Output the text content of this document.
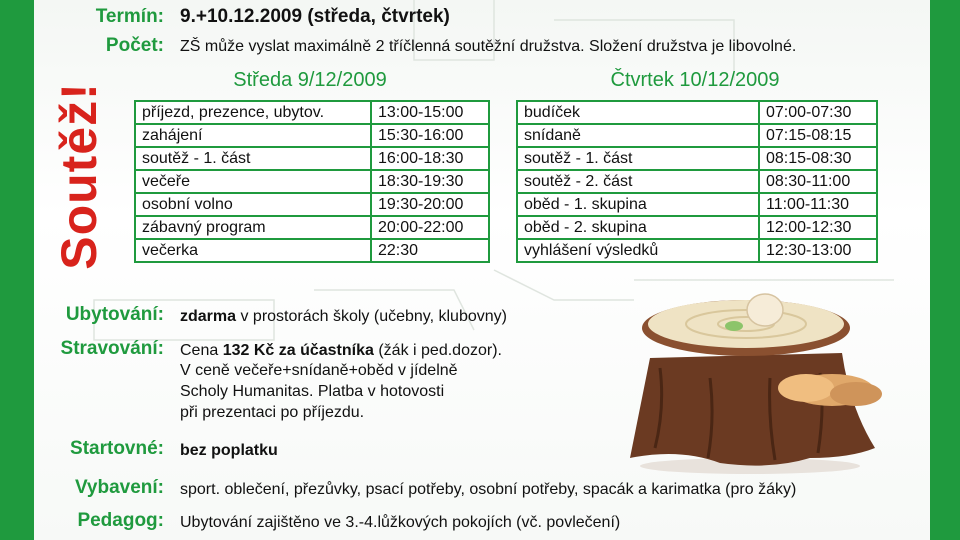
Termín: 9.+10.12.2009 (středa, čtvrtek)
Počet: ZŠ může vyslat maximálně 2 tříčlenná soutěžní družstva. Složení družstva je libovolné.
Soutěž!
Středa 9/12/2009
příjezd, prezence, ubytov.	13:00-15:00
zahájení	15:30-16:00
soutěž - 1. část	16:00-18:30
večeře	18:30-19:30
osobní volno	19:30-20:00
zábavný program	20:00-22:00
večerka	22:30
Čtvrtek 10/12/2009
budíček	07:00-07:30
snídaně	07:15-08:15
soutěž - 1. část	08:15-08:30
soutěž - 2. část	08:30-11:00
oběd - 1. skupina	11:00-11:30
oběd - 2. skupina	12:00-12:30
vyhlášení výsledků	12:30-13:00
Ubytování: zdarma v prostorách školy (učebny, klubovny)
Stravování: Cena 132 Kč za účastníka (žák i ped.dozor).
V ceně večeře+snídaně+oběd v jídelně
Scholy Humanitas. Platba v hotovosti
při prezentaci po příjezdu.
Startovné: bez poplatku
Vybavení: sport. oblečení, přezůvky, psací potřeby, osobní potřeby, spacák a karimatka (pro žáky)
Pedagog: Ubytování zajištěno ve 3.-4.lůžkových pokojích (vč. povlečení)
